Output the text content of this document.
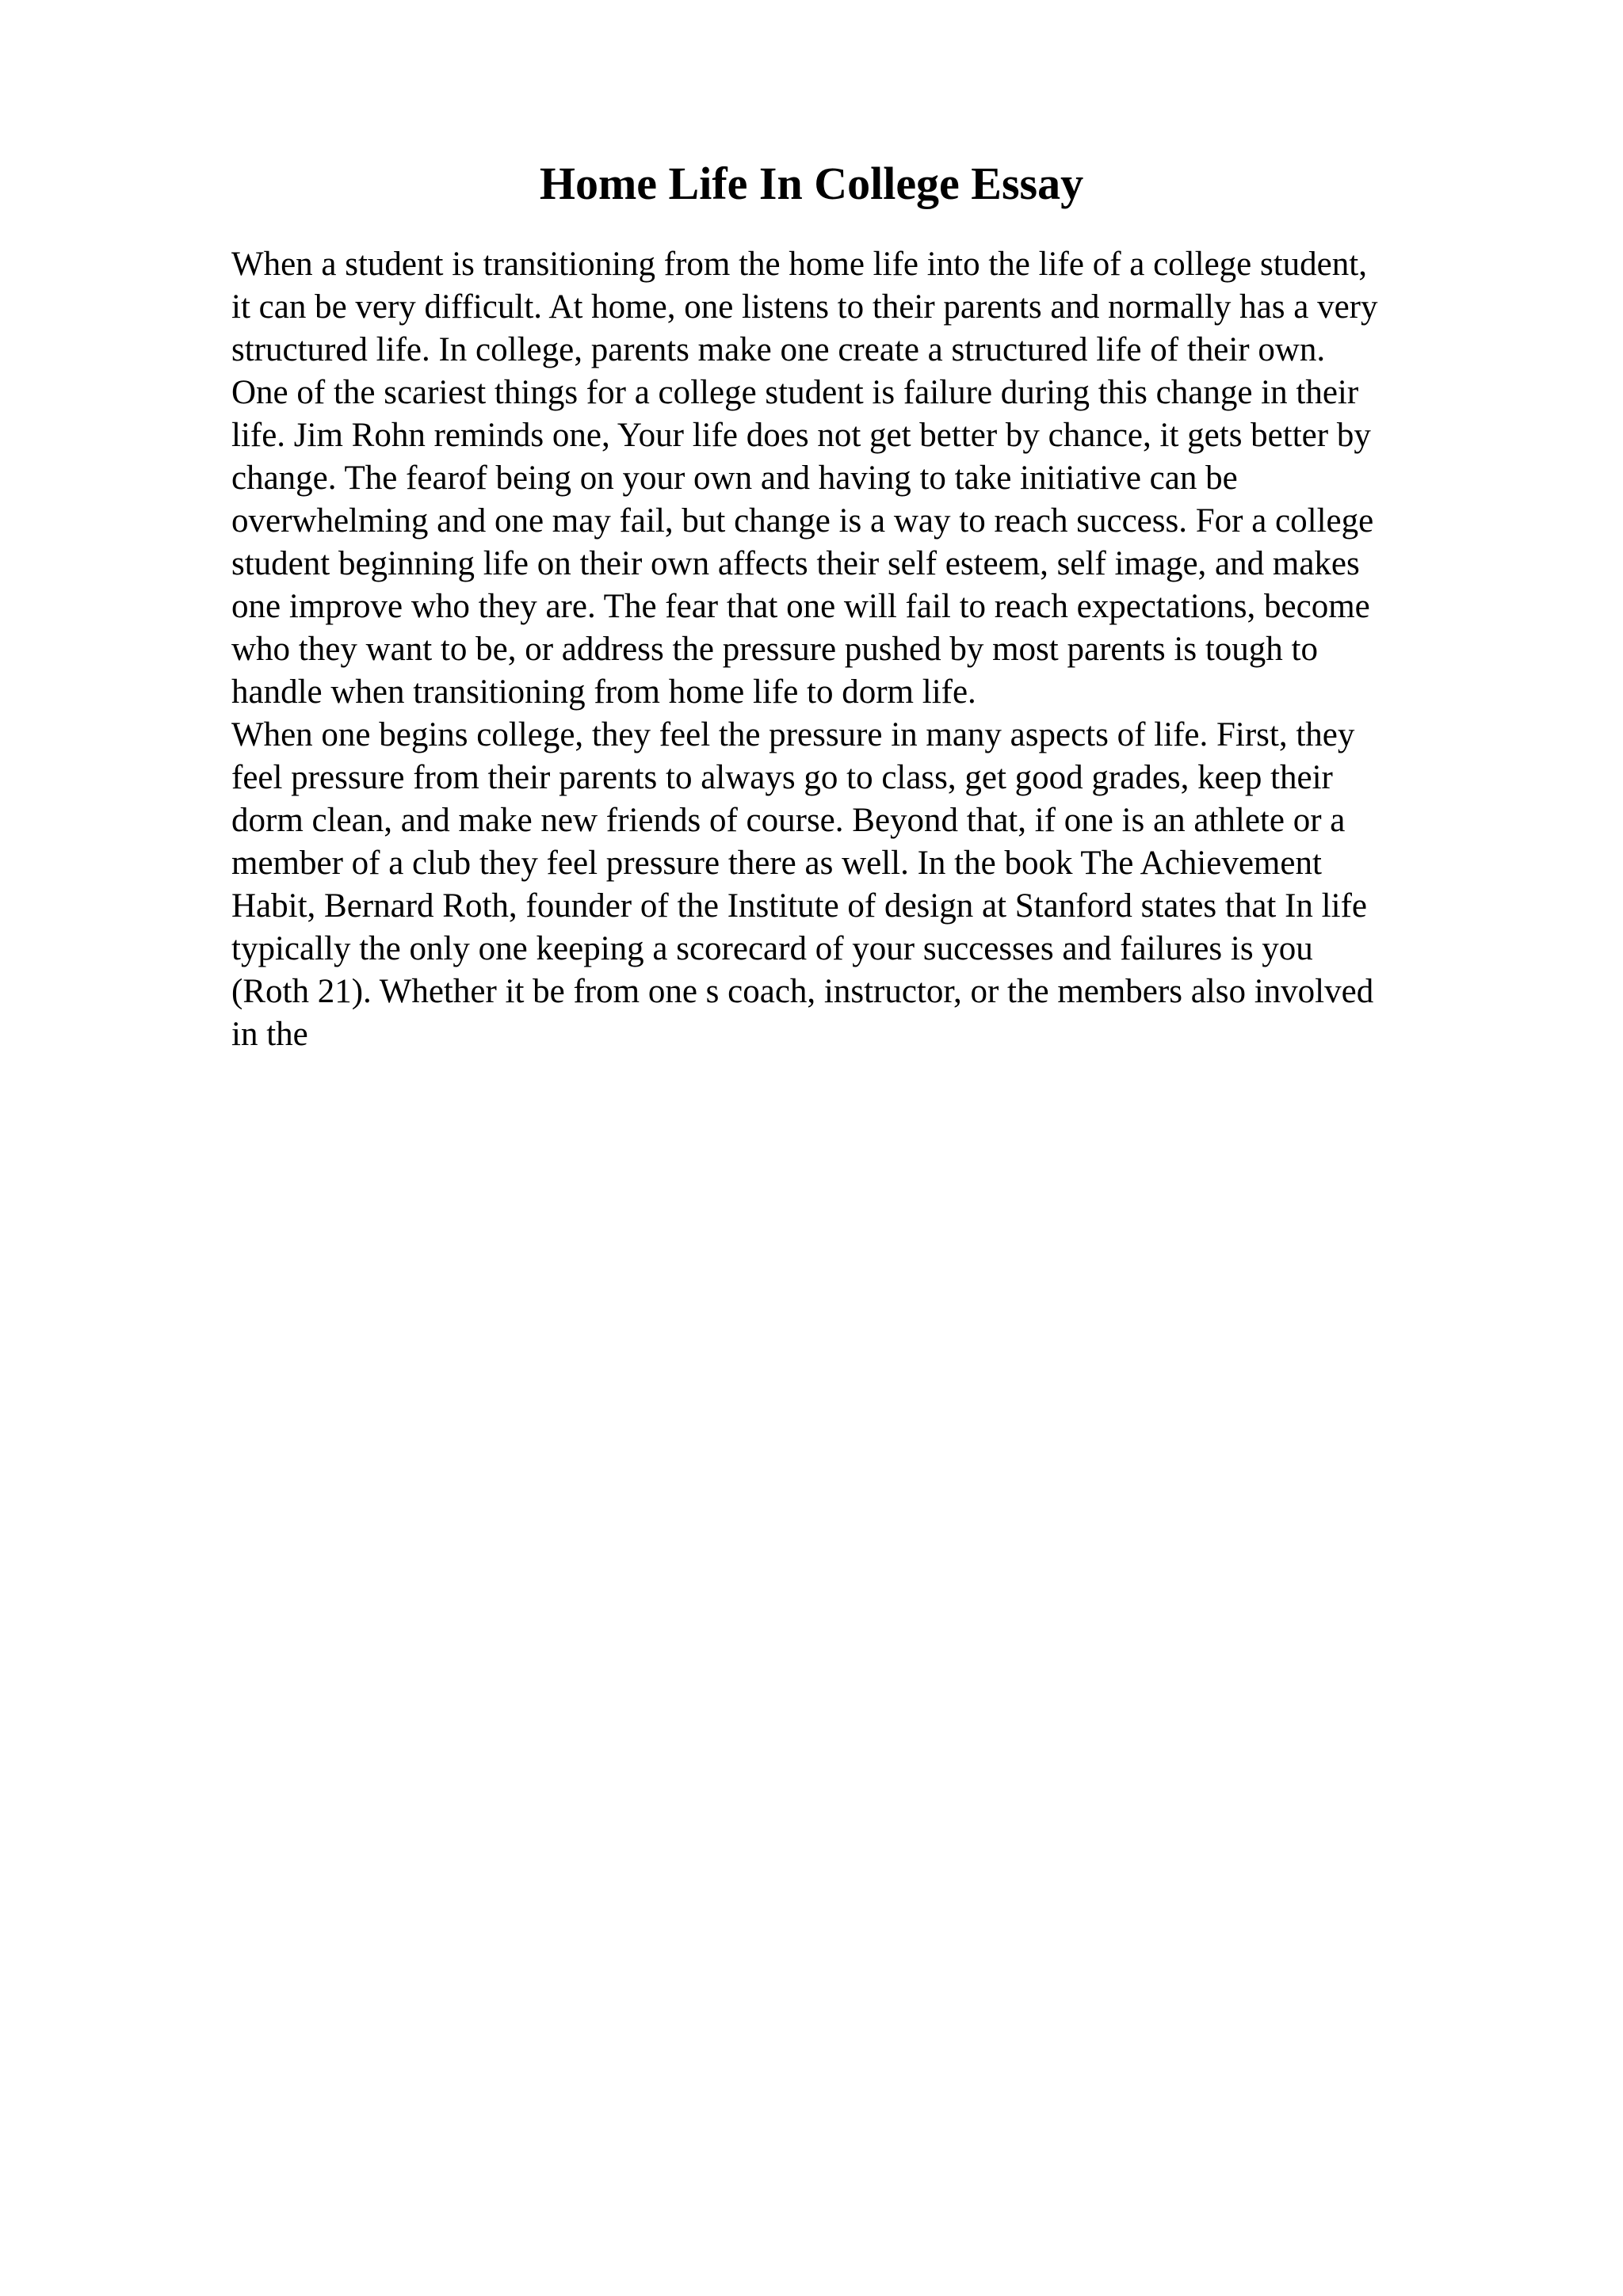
Home Life In College Essay
When a student is transitioning from the home life into the life of a college student,
it can be very difficult. At home, one listens to their parents and normally has a very
structured life. In college, parents make one create a structured life of their own.
One of the scariest things for a college student is failure during this change in their
life. Jim Rohn reminds one, Your life does not get better by chance, it gets better by
change. The fearof being on your own and having to take initiative can be
overwhelming and one may fail, but change is a way to reach success. For a college
student beginning life on their own affects their self esteem, self image, and makes
one improve who they are. The fear that one will fail to reach expectations, become
who they want to be, or address the pressure pushed by most parents is tough to
handle when transitioning from home life to dorm life.
When one begins college, they feel the pressure in many aspects of life. First, they
feel pressure from their parents to always go to class, get good grades, keep their
dorm clean, and make new friends of course. Beyond that, if one is an athlete or a
member of a club they feel pressure there as well. In the book The Achievement
Habit, Bernard Roth, founder of the Institute of design at Stanford states that In life
typically the only one keeping a scorecard of your successes and failures is you
(Roth 21). Whether it be from one s coach, instructor, or the members also involved
in the
